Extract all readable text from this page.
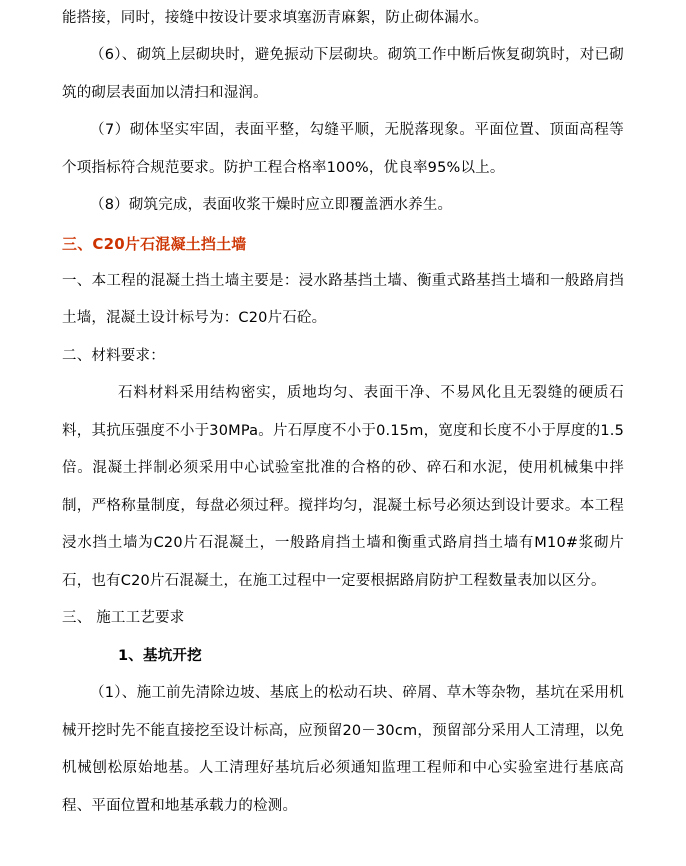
能搭接，同时，接缝中按设计要求填塞沥青麻絮，防止砌体漏水。

（6）、砌筑上层砌块时，避免振动下层砌块。砌筑工作中断后恢复砌筑时，对已砌筑的砌层表面加以清扫和湿润。

（7）砌体坚实牢固，表面平整，勾缝平顺，无脱落现象。平面位置、顶面高程等个项指标符合规范要求。防护工程合格率100%，优良率95%以上。

（8）砌筑完成，表面收浆干燥时应立即覆盖洒水养生。

三、C20片石混凝土挡土墙

一、本工程的混凝土挡土墙主要是：浸水路基挡土墙、衡重式路基挡土墙和一般路肩挡土墙，混凝土设计标号为：C20片石砼。

二、材料要求：

石料材料采用结构密实，质地均匀、表面干净、不易风化且无裂缝的硬质石料，其抗压强度不小于30MPa。片石厚度不小于0.15m，宽度和长度不小于厚度的1.5倍。混凝土拌制必须采用中心试验室批准的合格的砂、碎石和水泥，使用机械集中拌制，严格称量制度，每盘必须过秤。搅拌均匀，混凝土标号必须达到设计要求。本工程浸水挡土墙为C20片石混凝土，一般路肩挡土墙和衡重式路肩挡土墙有M10#浆砌片石，也有C20片石混凝土，在施工过程中一定要根据路肩防护工程数量表加以区分。

三、 施工工艺要求

1、基坑开挖

（1）、施工前先清除边坡、基底上的松动石块、碎屑、草木等杂物，基坑在采用机械开挖时先不能直接挖至设计标高，应预留20－30cm，预留部分采用人工清理，以免机械刨松原始地基。人工清理好基坑后必须通知监理工程师和中心实验室进行基底高程、平面位置和地基承载力的检测。
